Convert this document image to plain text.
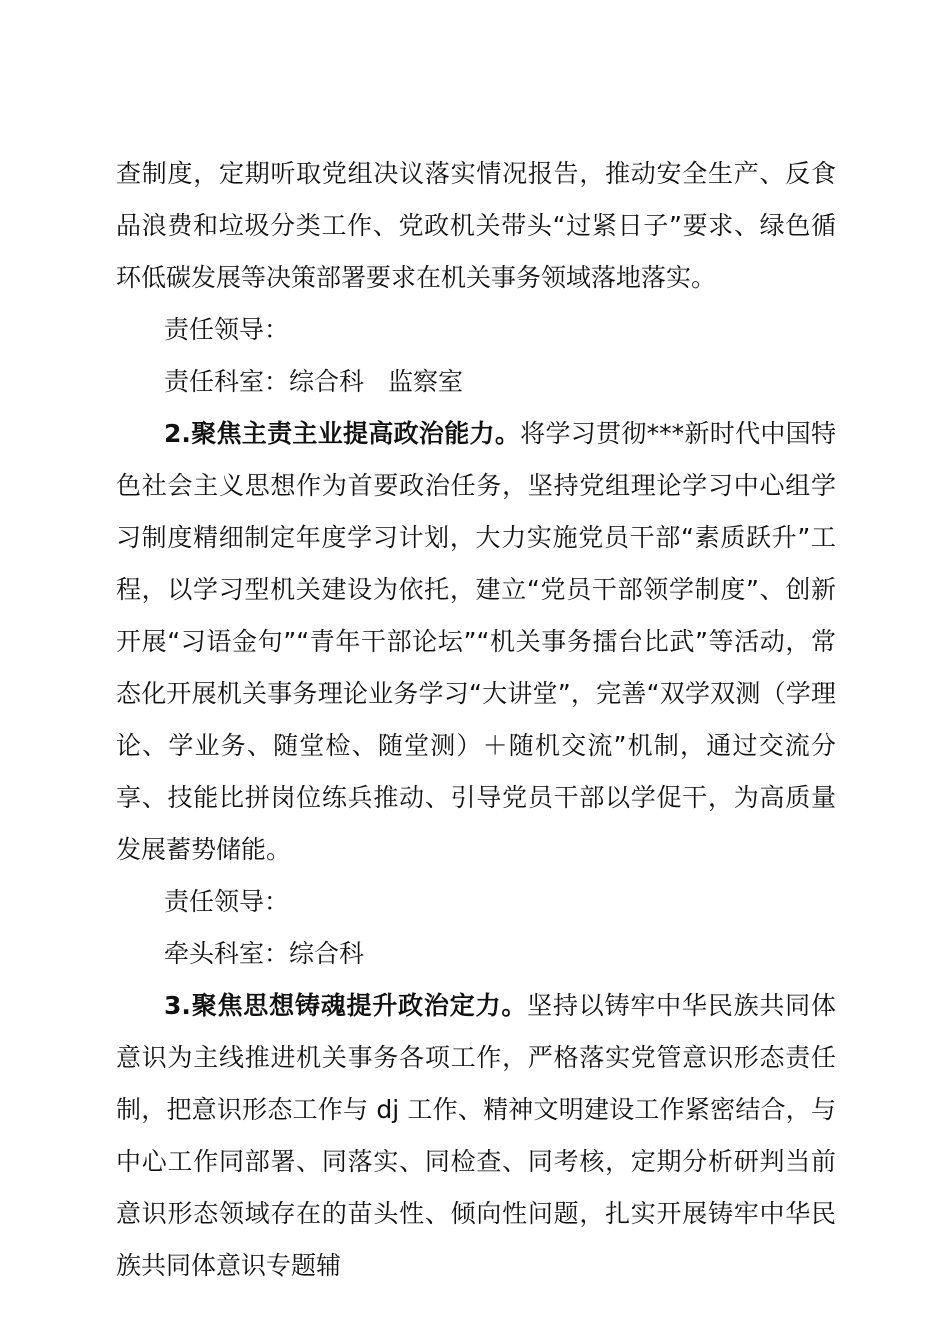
查制度，定期听取党组决议落实情况报告，推动安全生产、反食品浪费和垃圾分类工作、党政机关带头“过紧日子”要求、绿色循环低碳发展等决策部署要求在机关事务领域落地落实。

责任领导：

责任科室：综合科 监察室

2.聚焦主责主业提高政治能力。将学习贯彻***新时代中国特色社会主义思想作为首要政治任务，坚持党组理论学习中心组学习制度精细制定年度学习计划，大力实施党员干部“素质跃升”工程，以学习型机关建设为依托，建立“党员干部领学制度”、创新开展“习语金句”“青年干部论坛”“机关事务擂台比武”等活动，常态化开展机关事务理论业务学习“大讲堂”，完善“双学双测（学理论、学业务、随堂检、随堂测）＋随机交流”机制，通过交流分享、技能比拼岗位练兵推动、引导党员干部以学促干，为高质量发展蓄势储能。

责任领导：

牵头科室：综合科

3.聚焦思想铸魂提升政治定力。坚持以铸牢中华民族共同体意识为主线推进机关事务各项工作，严格落实党管意识形态责任制，把意识形态工作与 dj 工作、精神文明建设工作紧密结合，与中心工作同部署、同落实、同检查、同考核，定期分析研判当前意识形态领域存在的苗头性、倾向性问题，扎实开展铸牢中华民族共同体意识专题辅
